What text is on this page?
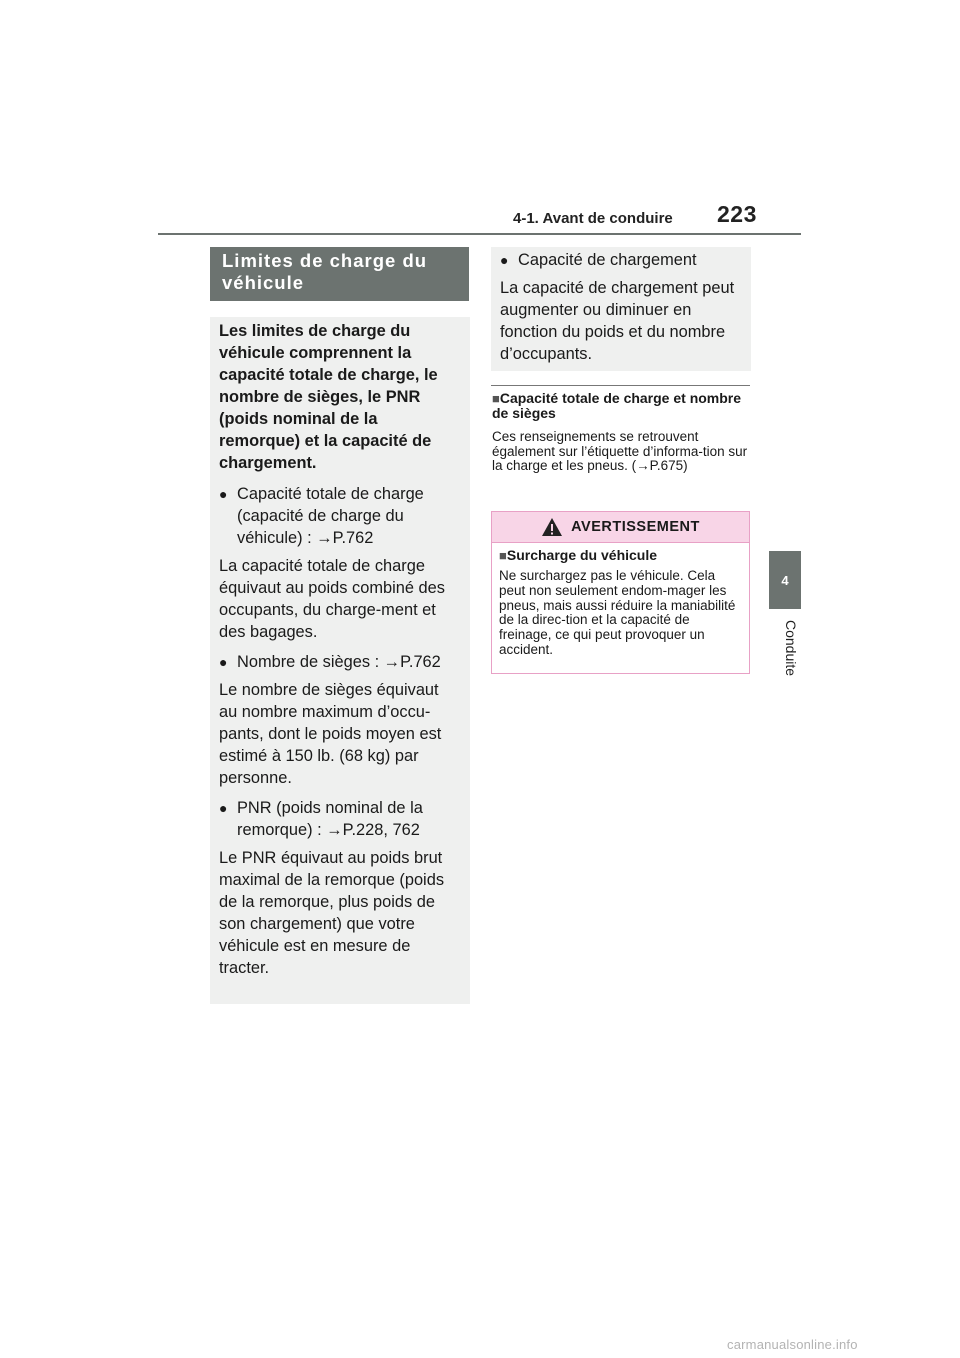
4-1. Avant de conduire 223
4
Conduite
Limites de charge du
véhicule

Les limites de charge du véhicule comprennent la capacité totale de charge, le nombre de sièges, le PNR (poids nominal de la remorque) et la capacité de chargement.

● Capacité totale de charge (capacité de charge du véhicule) : →P.762

La capacité totale de charge équivaut au poids combiné des occupants, du charge-ment et des bagages.

● Nombre de sièges : →P.762

Le nombre de sièges équivaut au nombre maximum d’occu-pants, dont le poids moyen est estimé à 150 lb. (68 kg) par personne.

● PNR (poids nominal de la remorque) : →P.228, 762

Le PNR équivaut au poids brut maximal de la remorque (poids de la remorque, plus poids de son chargement) que votre véhicule est en mesure de tracter.

● Capacité de chargement

La capacité de chargement peut augmenter ou diminuer en fonction du poids et du nombre d’occupants.

■Capacité totale de charge et nombre de sièges
Ces renseignements se retrouvent également sur l’étiquette d’informa-tion sur la charge et les pneus. (→P.675)
AVERTISSEMENT
■Surcharge du véhicule
Ne surchargez pas le véhicule. Cela peut non seulement endom-mager les pneus, mais aussi réduire la maniabilité de la direc-tion et la capacité de freinage, ce qui peut provoquer un accident.
carmanualsonline.info
